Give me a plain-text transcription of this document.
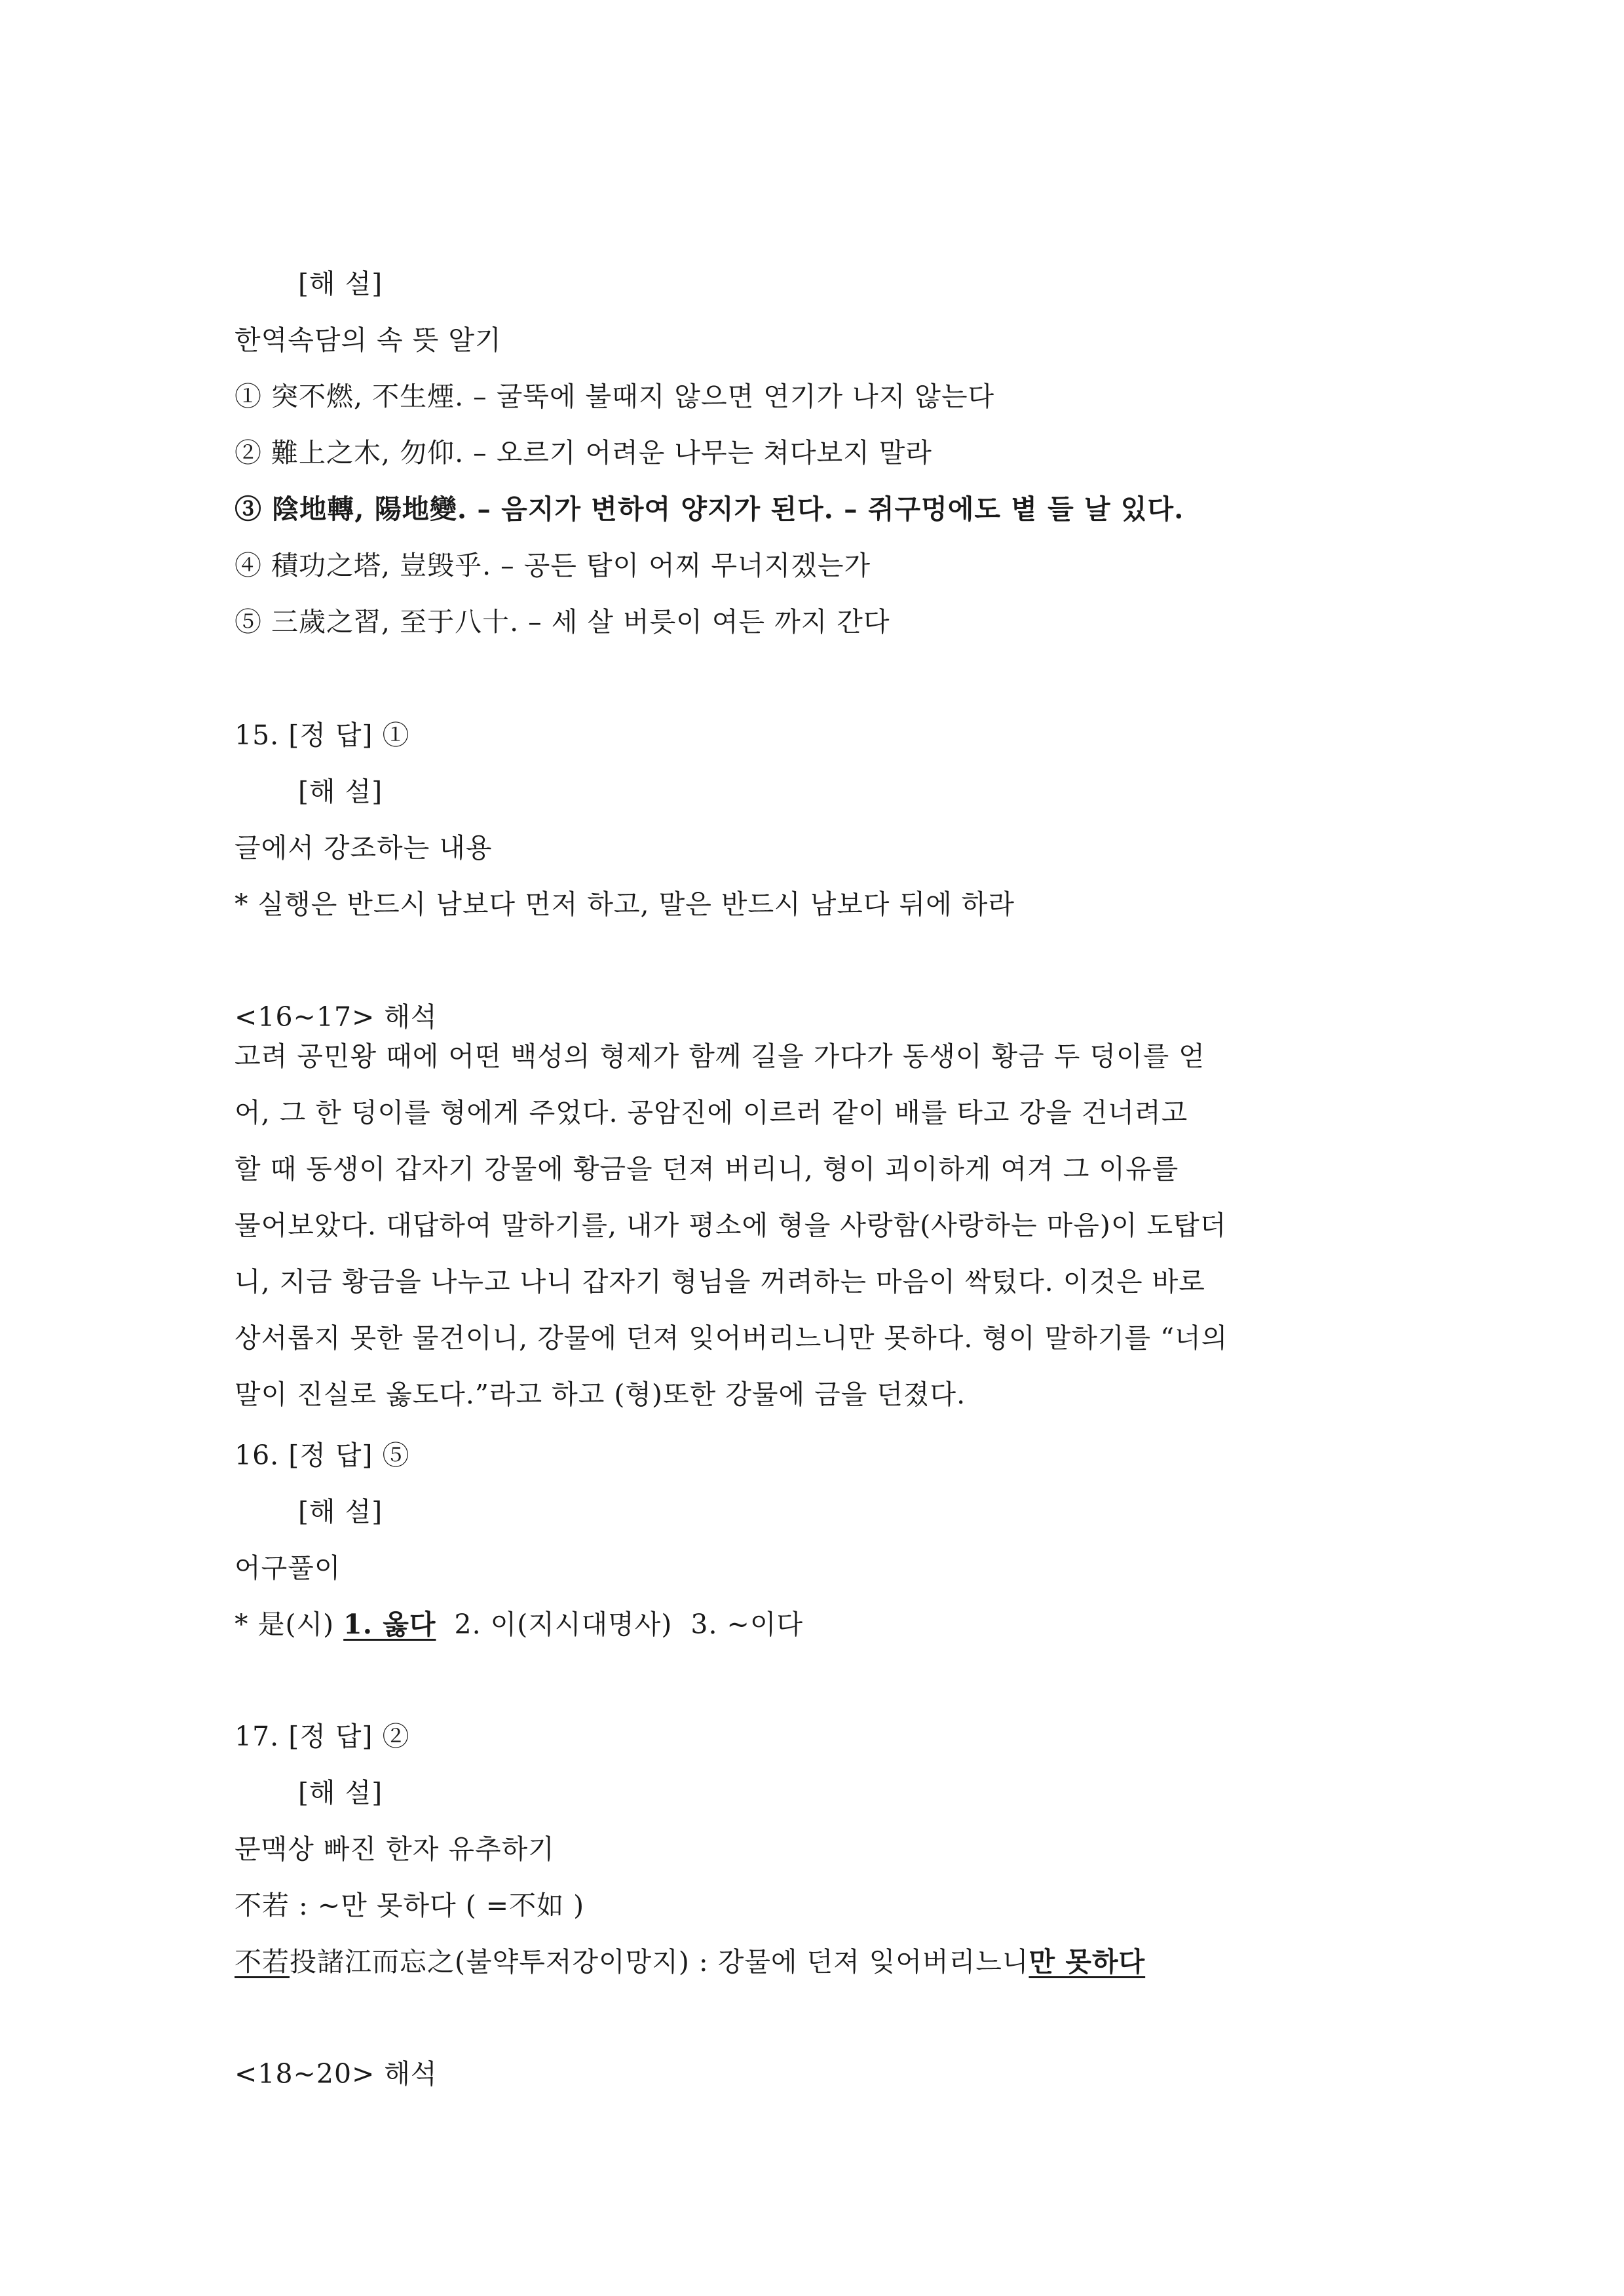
[해 설]
한역속담의 속 뜻 알기
① 突不燃, 不生煙. – 굴뚝에 불때지 않으면 연기가 나지 않는다
② 難上之木, 勿仰. – 오르기 어려운 나무는 쳐다보지 말라
③ 陰地轉, 陽地變. – 음지가 변하여 양지가 된다. – 쥐구멍에도 볕 들 날 있다.
④ 積功之塔, 豈毁乎. – 공든 탑이 어찌 무너지겠는가
⑤ 三歲之習, 至于八十. – 세 살 버릇이 여든 까지 간다
15. [정 답] ①
[해 설]
글에서 강조하는 내용
* 실행은 반드시 남보다 먼저 하고, 말은 반드시 남보다 뒤에 하라
<16~17> 해석
고려 공민왕 때에 어떤 백성의 형제가 함께 길을 가다가 동생이 황금 두 덩이를 얻
어, 그 한 덩이를 형에게 주었다. 공암진에 이르러 같이 배를 타고 강을 건너려고
할 때 동생이 갑자기 강물에 황금을 던져 버리니, 형이 괴이하게 여겨 그 이유를
물어보았다. 대답하여 말하기를, 내가 평소에 형을 사랑함(사랑하는 마음)이 도탑더
니, 지금 황금을 나누고 나니 갑자기 형님을 꺼려하는 마음이 싹텄다. 이것은 바로
상서롭지 못한 물건이니, 강물에 던져 잊어버리느니만 못하다. 형이 말하기를 “너의
말이 진실로 옳도다.”라고 하고 (형)또한 강물에 금을 던졌다.
16. [정 답] ⑤
[해 설]
어구풀이
* 是(시) 1. 옳다  2. 이(지시대명사)  3. ~이다
17. [정 답] ②
[해 설]
문맥상 빠진 한자 유추하기
不若 : ~만 못하다 ( =不如 )
不若投諸江而忘之(불약투저강이망지) : 강물에 던져 잊어버리느니만 못하다
<18~20> 해석
